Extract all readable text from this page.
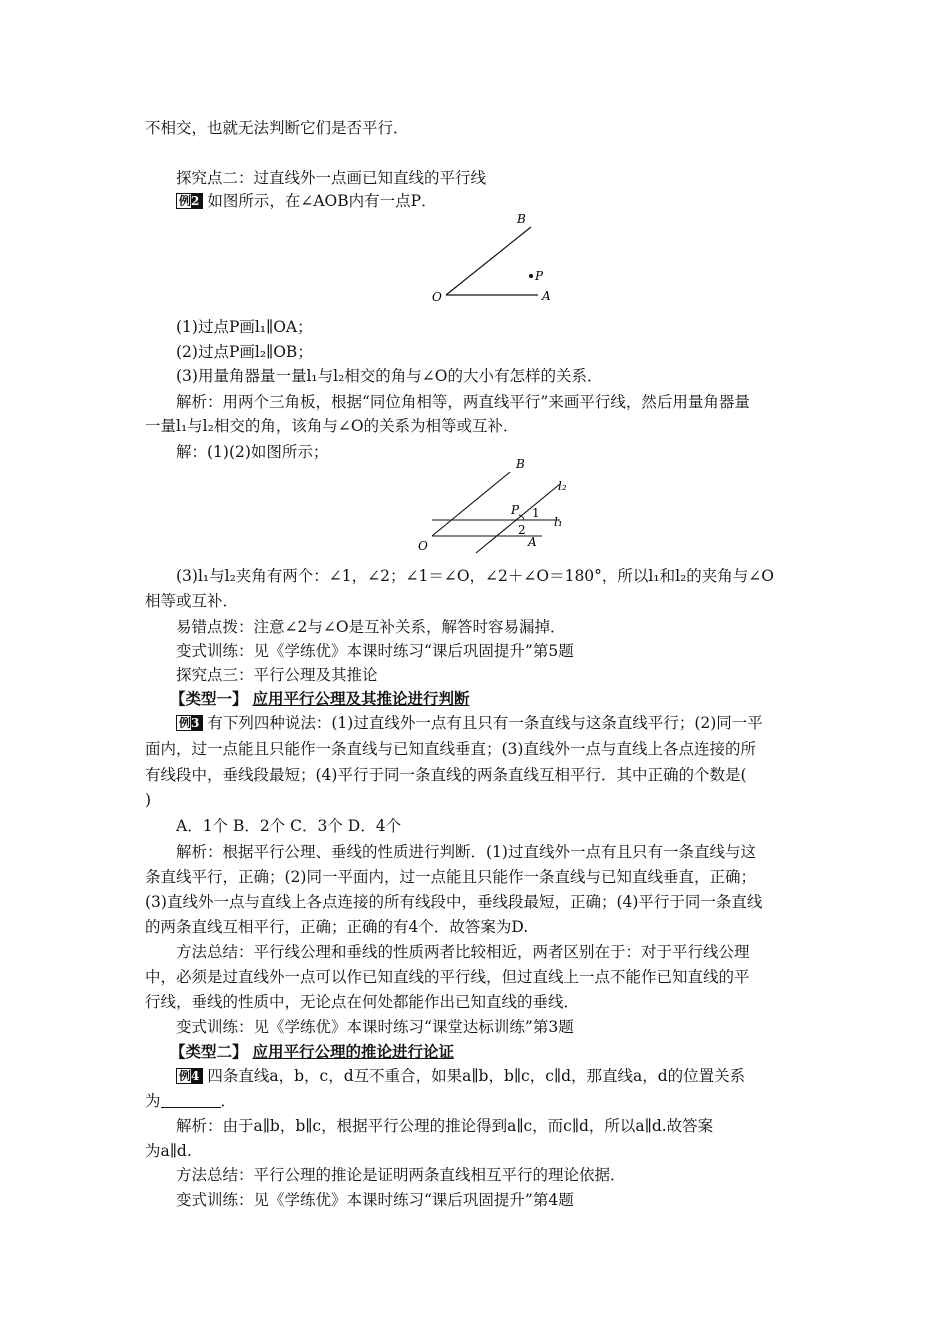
不相交，也就无法判断它们是否平行．
探究点二：过直线外一点画已知直线的平行线
例2 如图所示，在∠AOB内有一点P．
B
P
O	A
(1)过点P画l₁∥OA；
(2)过点P画l₂∥OB；
(3)用量角器量一量l₁与l₂相交的角与∠O的大小有怎样的关系．
解析：用两个三角板，根据“同位角相等，两直线平行”来画平行线，然后用量角器量
一量l₁与l₂相交的角，该角与∠O的关系为相等或互补．
解：(1)(2)如图所示；
B
l₂
P 1
l₁
2
O	A
(3)l₁与l₂夹角有两个：∠1，∠2；∠1＝∠O，∠2＋∠O＝180°，所以l₁和l₂的夹角与∠O
相等或互补．
易错点拨：注意∠2与∠O是互补关系，解答时容易漏掉．
变式训练：见《学练优》本课时练习“课后巩固提升”第5题
探究点三：平行公理及其推论
【类型一】 应用平行公理及其推论进行判断
例3 有下列四种说法：(1)过直线外一点有且只有一条直线与这条直线平行；(2)同一平
面内，过一点能且只能作一条直线与已知直线垂直；(3)直线外一点与直线上各点连接的所
有线段中，垂线段最短；(4)平行于同一条直线的两条直线互相平行．其中正确的个数是(
)
A．1个 B．2个 C．3个 D．4个
解析：根据平行公理、垂线的性质进行判断．(1)过直线外一点有且只有一条直线与这
条直线平行，正确；(2)同一平面内，过一点能且只能作一条直线与已知直线垂直，正确；
(3)直线外一点与直线上各点连接的所有线段中，垂线段最短，正确；(4)平行于同一条直线
的两条直线互相平行，正确；正确的有4个．故答案为D.
方法总结：平行线公理和垂线的性质两者比较相近，两者区别在于：对于平行线公理
中，必须是过直线外一点可以作已知直线的平行线，但过直线上一点不能作已知直线的平
行线，垂线的性质中，无论点在何处都能作出已知直线的垂线．
变式训练：见《学练优》本课时练习“课堂达标训练”第3题
【类型二】 应用平行公理的推论进行论证
例4 四条直线a，b，c，d互不重合，如果a∥b，b∥c，c∥d，那直线a，d的位置关系
为	．
解析：由于a∥b，b∥c，根据平行公理的推论得到a∥c，而c∥d，所以a∥d.故答案
为a∥d.
方法总结：平行公理的推论是证明两条直线相互平行的理论依据．
变式训练：见《学练优》本课时练习“课后巩固提升”第4题
